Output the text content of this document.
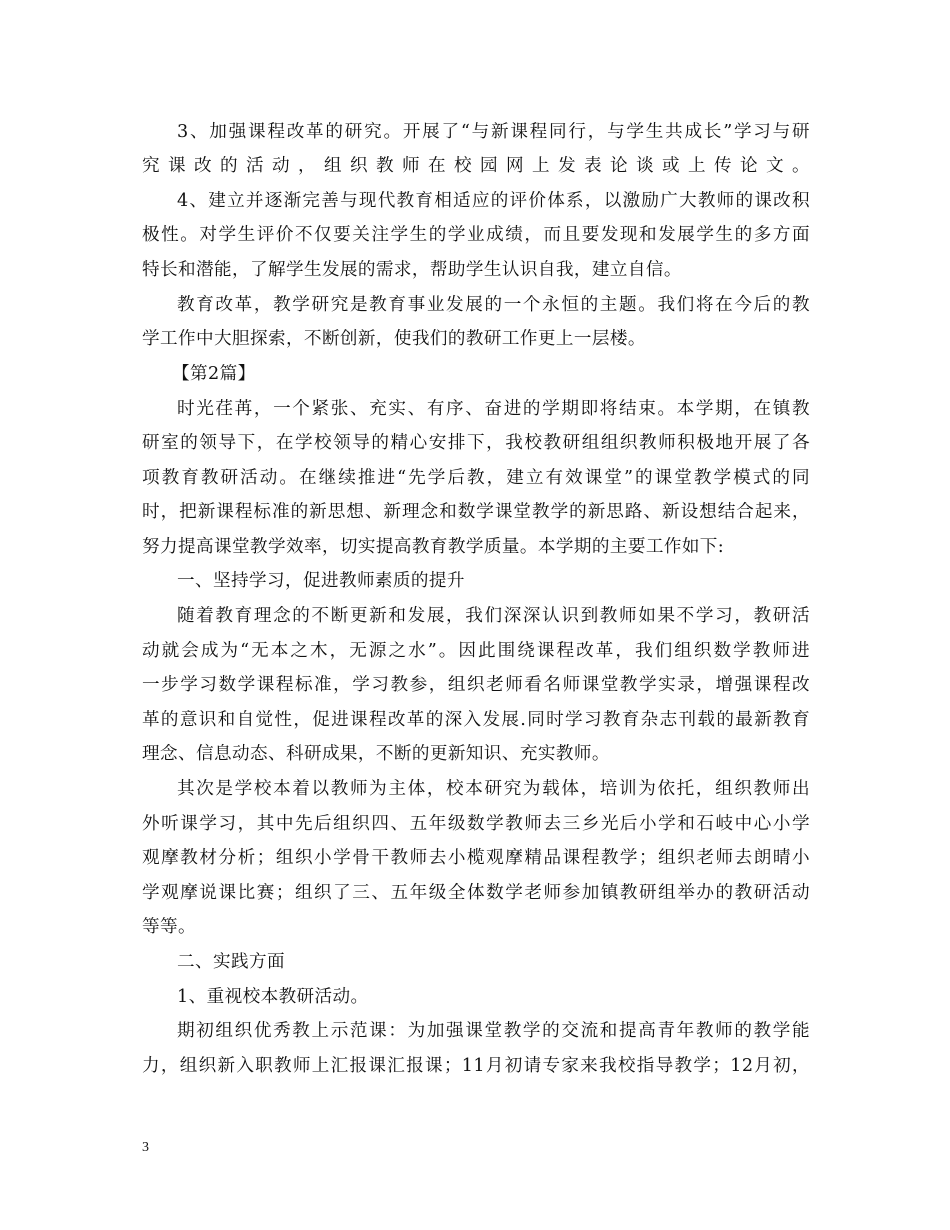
3、加强课程改革的研究。开展了“与新课程同行，与学生共成长”学习与研
究课改的活动，组织教师在校园网上发表论谈或上传论文。
4、建立并逐渐完善与现代教育相适应的评价体系，以激励广大教师的课改积
极性。对学生评价不仅要关注学生的学业成绩，而且要发现和发展学生的多方面
特长和潜能，了解学生发展的需求，帮助学生认识自我，建立自信。
教育改革，教学研究是教育事业发展的一个永恒的主题。我们将在今后的教
学工作中大胆探索，不断创新，使我们的教研工作更上一层楼。
【第2篇】
时光荏苒，一个紧张、充实、有序、奋进的学期即将结束。本学期，在镇教
研室的领导下，在学校领导的精心安排下，我校教研组组织教师积极地开展了各
项教育教研活动。在继续推进“先学后教，建立有效课堂”的课堂教学模式的同
时，把新课程标准的新思想、新理念和数学课堂教学的新思路、新设想结合起来，
努力提高课堂教学效率，切实提高教育教学质量。本学期的主要工作如下:
一、坚持学习，促进教师素质的提升
随着教育理念的不断更新和发展，我们深深认识到教师如果不学习，教研活
动就会成为“无本之木，无源之水”。因此围绕课程改革，我们组织数学教师进
一步学习数学课程标准，学习教参，组织老师看名师课堂教学实录，增强课程改
革的意识和自觉性，促进课程改革的深入发展.同时学习教育杂志刊载的最新教育
理念、信息动态、科研成果，不断的更新知识、充实教师。
其次是学校本着以教师为主体，校本研究为载体，培训为依托，组织教师出
外听课学习，其中先后组织四、五年级数学教师去三乡光后小学和石岐中心小学
观摩教材分析；组织小学骨干教师去小榄观摩精品课程教学；组织老师去朗晴小
学观摩说课比赛；组织了三、五年级全体数学老师参加镇教研组举办的教研活动
等等。
二、实践方面
1、重视校本教研活动。
期初组织优秀教上示范课：为加强课堂教学的交流和提高青年教师的教学能
力，组织新入职教师上汇报课汇报课；11月初请专家来我校指导教学；12月初，
3
